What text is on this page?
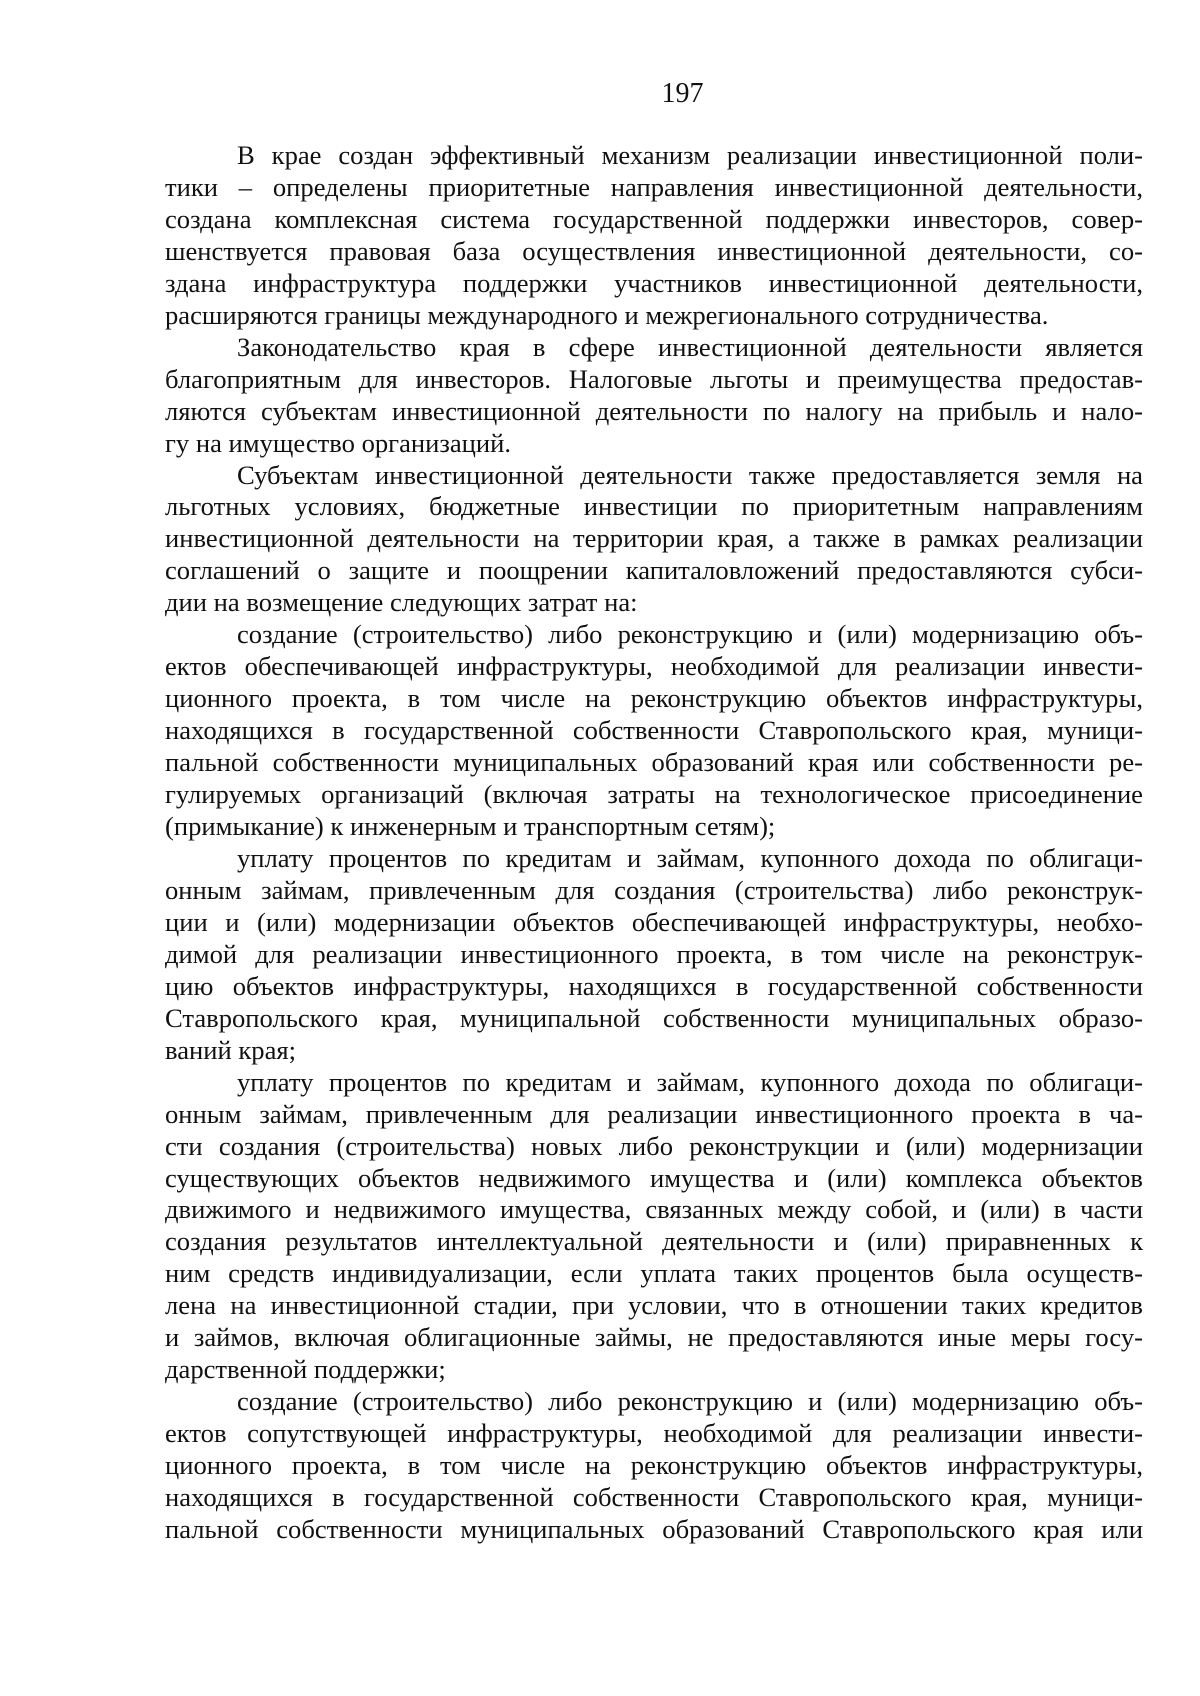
197

В крае создан эффективный механизм реализации инвестиционной поли-
тики – определены приоритетные направления инвестиционной деятельности,
создана комплексная система государственной поддержки инвесторов, совер-
шенствуется правовая база осуществления инвестиционной деятельности, со-
здана инфраструктура поддержки участников инвестиционной деятельности,
расширяются границы международного и межрегионального сотрудничества.

Законодательство края в сфере инвестиционной деятельности является
благоприятным для инвесторов. Налоговые льготы и преимущества предостав-
ляются субъектам инвестиционной деятельности по налогу на прибыль и нало-
гу на имущество организаций.

Субъектам инвестиционной деятельности также предоставляется земля на
льготных условиях, бюджетные инвестиции по приоритетным направлениям
инвестиционной деятельности на территории края, а также в рамках реализации
соглашений о защите и поощрении капиталовложений предоставляются субси-
дии на возмещение следующих затрат на:

создание (строительство) либо реконструкцию и (или) модернизацию объ-
ектов обеспечивающей инфраструктуры, необходимой для реализации инвести-
ционного проекта, в том числе на реконструкцию объектов инфраструктуры,
находящихся в государственной собственности Ставропольского края, муници-
пальной собственности муниципальных образований края или собственности ре-
гулируемых организаций (включая затраты на технологическое присоединение
(примыкание) к инженерным и транспортным сетям);

уплату процентов по кредитам и займам, купонного дохода по облигаци-
онным займам, привлеченным для создания (строительства) либо реконструк-
ции и (или) модернизации объектов обеспечивающей инфраструктуры, необхо-
димой для реализации инвестиционного проекта, в том числе на реконструк-
цию объектов инфраструктуры, находящихся в государственной собственности
Ставропольского края, муниципальной собственности муниципальных образо-
ваний края;

уплату процентов по кредитам и займам, купонного дохода по облигаци-
онным займам, привлеченным для реализации инвестиционного проекта в ча-
сти создания (строительства) новых либо реконструкции и (или) модернизации
существующих объектов недвижимого имущества и (или) комплекса объектов
движимого и недвижимого имущества, связанных между собой, и (или) в части
создания результатов интеллектуальной деятельности и (или) приравненных к
ним средств индивидуализации, если уплата таких процентов была осуществ-
лена на инвестиционной стадии, при условии, что в отношении таких кредитов
и займов, включая облигационные займы, не предоставляются иные меры госу-
дарственной поддержки;

создание (строительство) либо реконструкцию и (или) модернизацию объ-
ектов сопутствующей инфраструктуры, необходимой для реализации инвести-
ционного проекта, в том числе на реконструкцию объектов инфраструктуры,
находящихся в государственной собственности Ставропольского края, муници-
пальной собственности муниципальных образований Ставропольского края или
